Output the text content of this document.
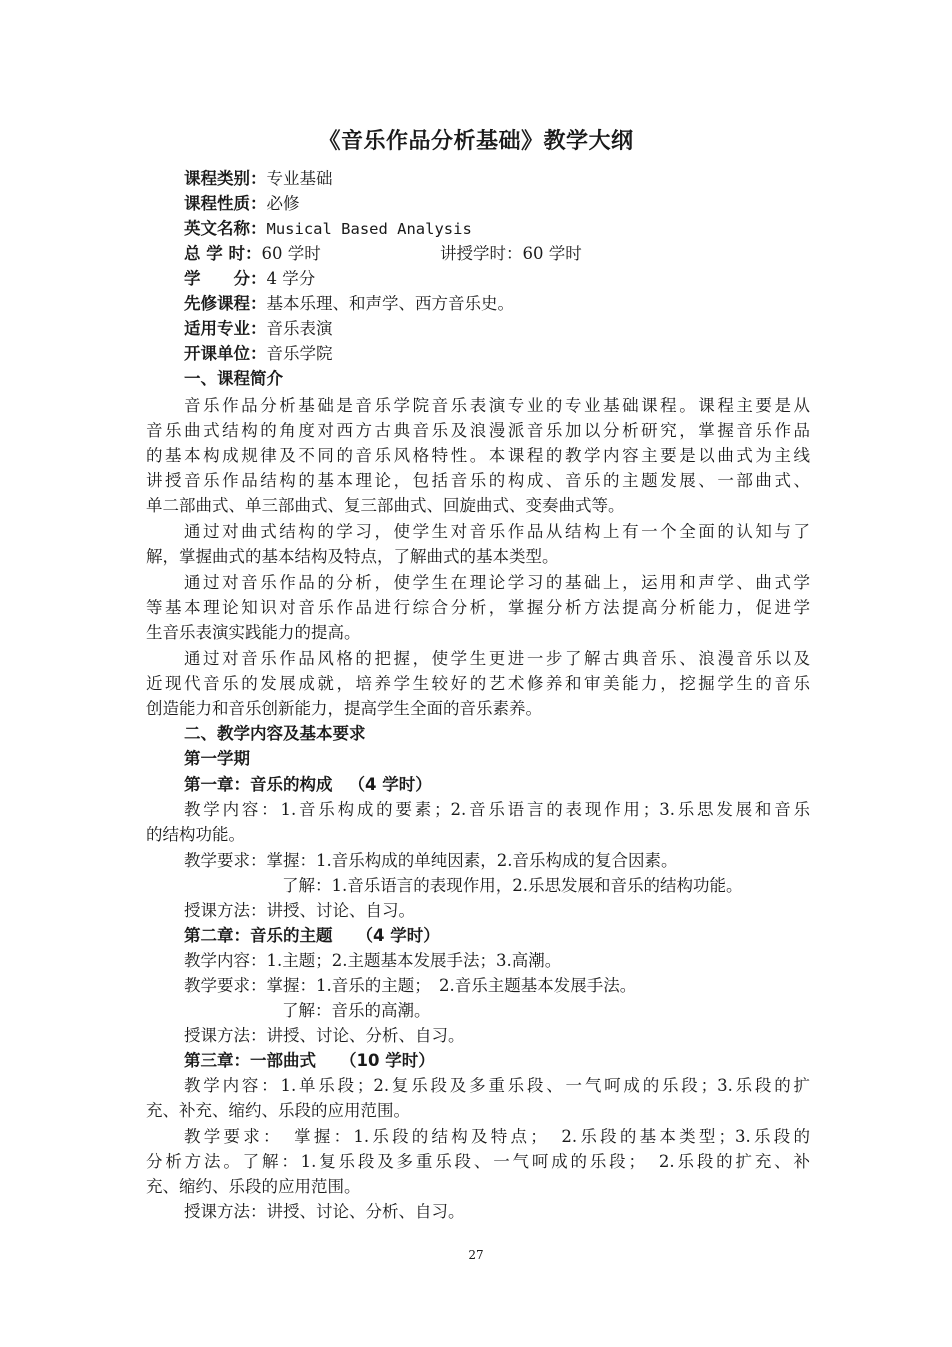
《音乐作品分析基础》教学大纲
课程类别：专业基础
课程性质：必修
英文名称：Musical Based Analysis
总 学 时：60 学时	讲授学时：60 学时
学　　分：4 学分
先修课程：基本乐理、和声学、西方音乐史。
适用专业：音乐表演
开课单位：音乐学院
一、课程简介
音乐作品分析基础是音乐学院音乐表演专业的专业基础课程。课程主要是从
音乐曲式结构的角度对西方古典音乐及浪漫派音乐加以分析研究，掌握音乐作品
的基本构成规律及不同的音乐风格特性。本课程的教学内容主要是以曲式为主线
讲授音乐作品结构的基本理论，包括音乐的构成、音乐的主题发展、一部曲式、
单二部曲式、单三部曲式、复三部曲式、回旋曲式、变奏曲式等。
通过对曲式结构的学习，使学生对音乐作品从结构上有一个全面的认知与了
解，掌握曲式的基本结构及特点，了解曲式的基本类型。
通过对音乐作品的分析，使学生在理论学习的基础上，运用和声学、曲式学
等基本理论知识对音乐作品进行综合分析，掌握分析方法提高分析能力，促进学
生音乐表演实践能力的提高。
通过对音乐作品风格的把握，使学生更进一步了解古典音乐、浪漫音乐以及
近现代音乐的发展成就，培养学生较好的艺术修养和审美能力，挖掘学生的音乐
创造能力和音乐创新能力，提高学生全面的音乐素养。
二、教学内容及基本要求
第一学期
第一章：音乐的构成 （4 学时）
教学内容：1.音乐构成的要素；2.音乐语言的表现作用；3.乐思发展和音乐
的结构功能。
教学要求：掌握：1.音乐构成的单纯因素，2.音乐构成的复合因素。
了解：1.音乐语言的表现作用，2.乐思发展和音乐的结构功能。
授课方法：讲授、讨论、自习。
第二章：音乐的主题 （4 学时）
教学内容：1.主题；2.主题基本发展手法；3.高潮。
教学要求：掌握：1.音乐的主题；　2.音乐主题基本发展手法。
了解：音乐的高潮。
授课方法：讲授、讨论、分析、自习。
第三章：一部曲式 （10 学时）
教学内容：1.单乐段；2.复乐段及多重乐段、一气呵成的乐段；3.乐段的扩
充、补充、缩约、乐段的应用范围。
教学要求：　掌握：1.乐段的结构及特点；　2.乐段的基本类型；3.乐段的
分析方法。了解：1.复乐段及多重乐段、一气呵成的乐段；　2.乐段的扩充、补
充、缩约、乐段的应用范围。
授课方法：讲授、讨论、分析、自习。
27
